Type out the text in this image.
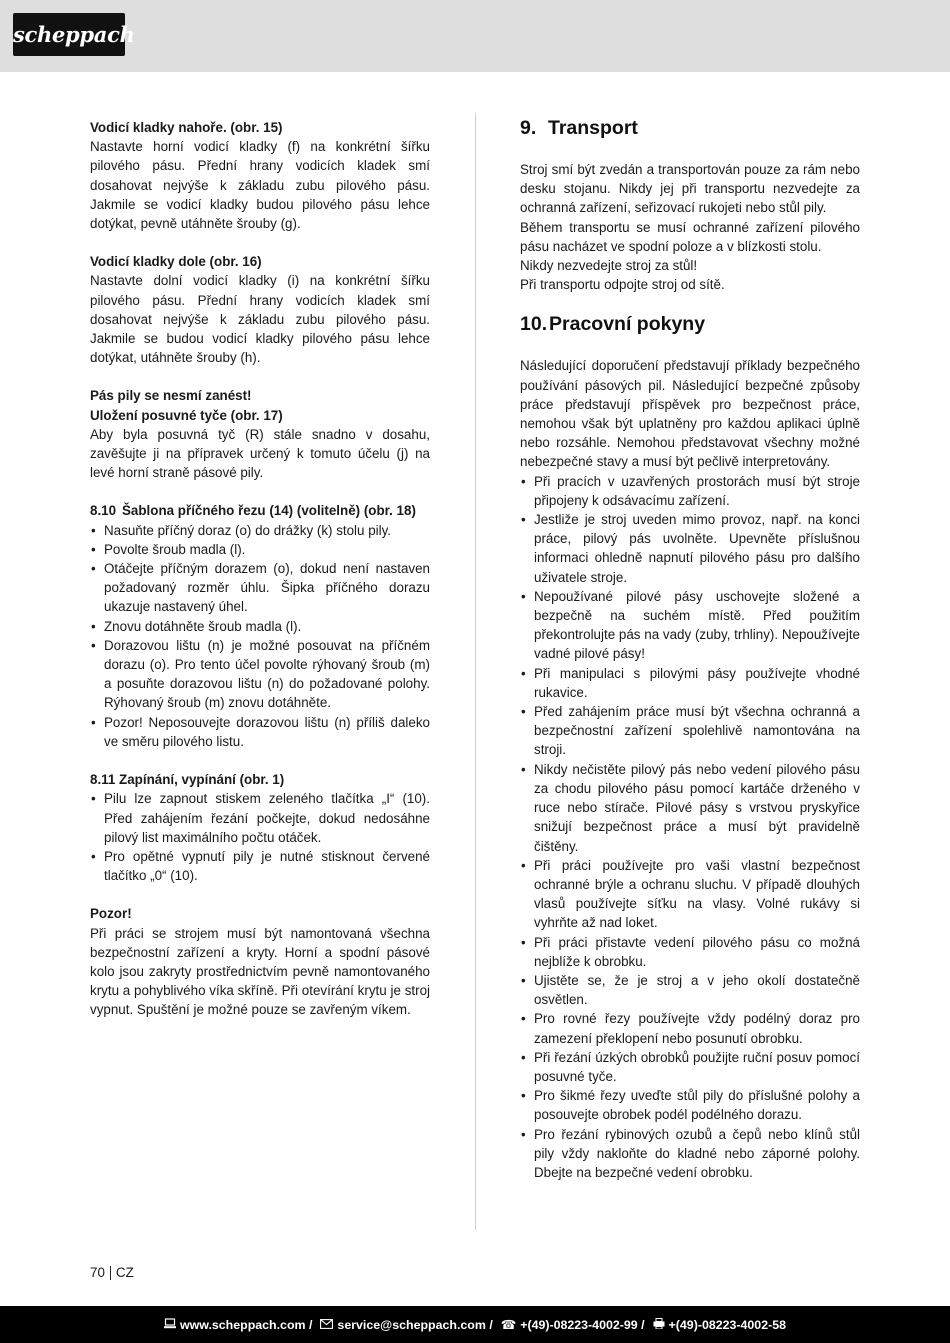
scheppach
Vodicí kladky nahoře. (obr. 15)
Nastavte horní vodicí kladky (f) na konkrétní šířku pilového pásu. Přední hrany vodicích kladek smí dosahovat nejvýše k základu zubu pilového pásu. Jakmile se vodicí kladky budou pilového pásu lehce dotýkat, pevně utáhněte šrouby (g).
Vodicí kladky dole (obr. 16)
Nastavte dolní vodicí kladky (i) na konkrétní šířku pilového pásu. Přední hrany vodicích kladek smí dosahovat nejvýše k základu zubu pilového pásu. Jakmile se budou vodicí kladky pilového pásu lehce dotýkat, utáhněte šrouby (h).
Pás pily se nesmí zanést!
Uložení posuvné tyče (obr. 17)
Aby byla posuvná tyč (R) stále snadno v dosahu, zavěšujte ji na přípravek určený k tomuto účelu (j) na levé horní straně pásové pily.
8.10 Šablona příčného řezu (14) (volitelně) (obr. 18)
• Nasuňte příčný doraz (o) do drážky (k) stolu pily.
• Povolte šroub madla (l).
• Otáčejte příčným dorazem (o), dokud není nastaven požadovaný rozměr úhlu. Šipka příčného dorazu ukazuje nastavený úhel.
• Znovu dotáhněte šroub madla (l).
• Dorazovou lištu (n) je možné posouvat na příčném dorazu (o). Pro tento účel povolte rýhovaný šroub (m) a posuňte dorazovou lištu (n) do požadované polohy. Rýhovaný šroub (m) znovu dotáhněte.
• Pozor! Neposouvejte dorazovou lištu (n) příliš daleko ve směru pilového listu.
8.11 Zapínání, vypínání (obr. 1)
• Pilu lze zapnout stiskem zeleného tlačítka „I“ (10). Před zahájením řezání počkejte, dokud nedosáhne pilový list maximálního počtu otáček.
• Pro opětné vypnutí pily je nutné stisknout červené tlačítko „0“ (10).
Pozor!
Při práci se strojem musí být namontovaná všechna bezpečnostní zařízení a kryty. Horní a spodní pásové kolo jsou zakryty prostřednictvím pevně namontovaného krytu a pohyblivého víka skříně. Při otevírání krytu je stroj vypnut. Spuštění je možné pouze se zavřeným víkem.
9. Transport
Stroj smí být zvedán a transportován pouze za rám nebo desku stojanu. Nikdy jej při transportu nezvedejte za ochranná zařízení, seřizovací rukojeti nebo stůl pily.
Během transportu se musí ochranné zařízení pilového pásu nacházet ve spodní poloze a v blízkosti stolu.
Nikdy nezvedejte stroj za stůl!
Při transportu odpojte stroj od sítě.
10. Pracovní pokyny
Následující doporučení představují příklady bezpečného používání pásových pil. Následující bezpečné způsoby práce představují příspěvek pro bezpečnost práce, nemohou však být uplatněny pro každou aplikaci úplně nebo rozsáhle. Nemohou představovat všechny možné nebezpečné stavy a musí být pečlivě interpretovány.
• Při pracích v uzavřených prostorách musí být stroje připojeny k odsávacímu zařízení.
• Jestliže je stroj uveden mimo provoz, např. na konci práce, pilový pás uvolněte. Upevněte příslušnou informaci ohledně napnutí pilového pásu pro dalšího uživatele stroje.
• Nepoužívané pilové pásy uschovejte složené a bezpečně na suchém místě. Před použitím překontrolujte pás na vady (zuby, trhliny). Nepoužívejte vadné pilové pásy!
• Při manipulaci s pilovými pásy používejte vhodné rukavice.
• Před zahájením práce musí být všechna ochranná a bezpečnostní zařízení spolehlivě namontována na stroji.
• Nikdy nečistěte pilový pás nebo vedení pilového pásu za chodu pilového pásu pomocí kartáče drženého v ruce nebo stírače. Pilové pásy s vrstvou pryskyřice snižují bezpečnost práce a musí být pravidelně čištěny.
• Při práci používejte pro vaši vlastní bezpečnost ochranné brýle a ochranu sluchu. V případě dlouhých vlasů používejte síťku na vlasy. Volné rukávy si vyhrňte až nad loket.
• Při práci přistavte vedení pilového pásu co možná nejblíže k obrobku.
• Ujistěte se, že je stroj a v jeho okolí dostatečně osvětlen.
• Pro rovné řezy používejte vždy podélný doraz pro zamezení překlopení nebo posunutí obrobku.
• Při řezání úzkých obrobků použijte ruční posuv pomocí posuvné tyče.
• Pro šikmé řezy uveďte stůl pily do příslušné polohy a posouvejte obrobek podél podélného dorazu.
• Pro řezání rybinových ozubů a čepů nebo klínů stůl pily vždy nakloňte do kladné nebo záporné polohy. Dbejte na bezpečné vedení obrobku.
70 CZ
www.scheppach.com / service@scheppach.com / ☎ +(49)-08223-4002-99 / +(49)-08223-4002-58
